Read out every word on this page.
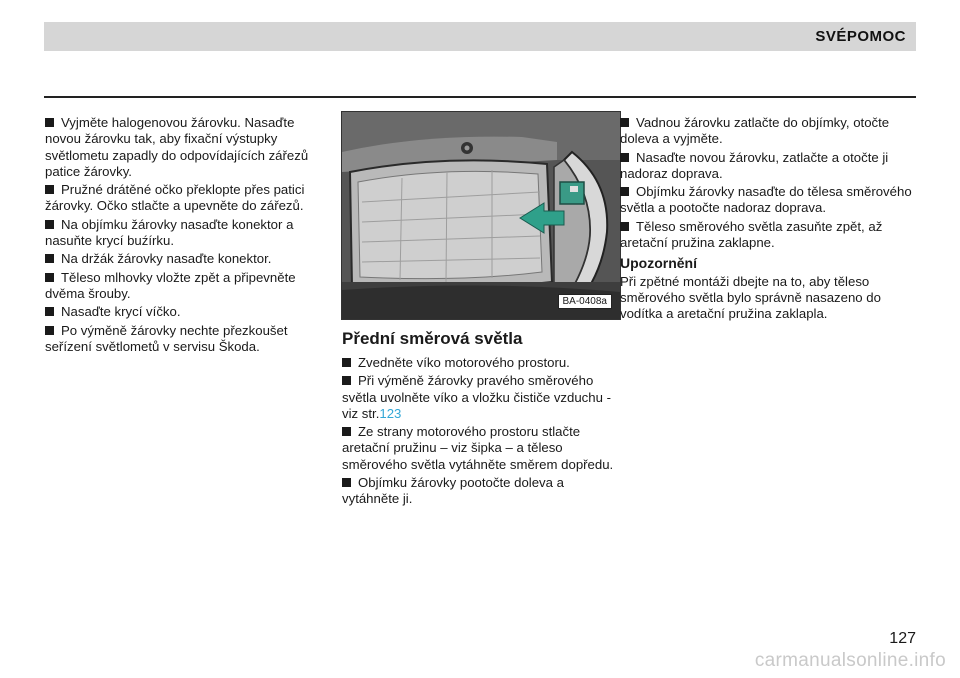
SVÉPOMOC

Vyjměte halogenovou žárovku. Nasaďte novou žárovku tak, aby fixační výstupky světlometu zapadly do odpovídajících zářezů patice žárovky.

Pružné drátěné očko překlopte přes patici žárovky. Očko stlačte a upevněte do zářezů.

Na objímku žárovky nasaďte konektor a nasuňte krycí buźírku.

Na držák žárovky nasaďte konektor.

Těleso mlhovky vložte zpět a připevněte dvěma šrouby.

Nasaďte krycí víčko.

Po výměně žárovky nechte přezkoušet seřízení světlometů v servisu Škoda.

BA-0408a
Přední směrová světla

Zvedněte víko motorového prostoru.

Při výměně žárovky pravého směrového světla uvolněte víko a vložku čističe vzduchu -viz str.123

Ze strany motorového prostoru stlačte aretační pružinu – viz šipka – a těleso směrového světla vytáhněte směrem dopředu.

Objímku žárovky pootočte doleva a vytáhněte ji.

Vadnou žárovku zatlačte do objímky, otočte doleva a vyjměte.

Nasaďte novou žárovku, zatlačte a otočte ji nadoraz doprava.

Objímku žárovky nasaďte do tělesa směrového světla a pootočte nadoraz doprava.

Těleso směrového světla zasuňte zpět, až aretační pružina zaklapne.

Upozornění

Při zpětné montáži dbejte na to, aby těleso směrového světla bylo správně nasazeno do vodítka a aretační pružina zaklapla.

127
carmanualsonline.info
